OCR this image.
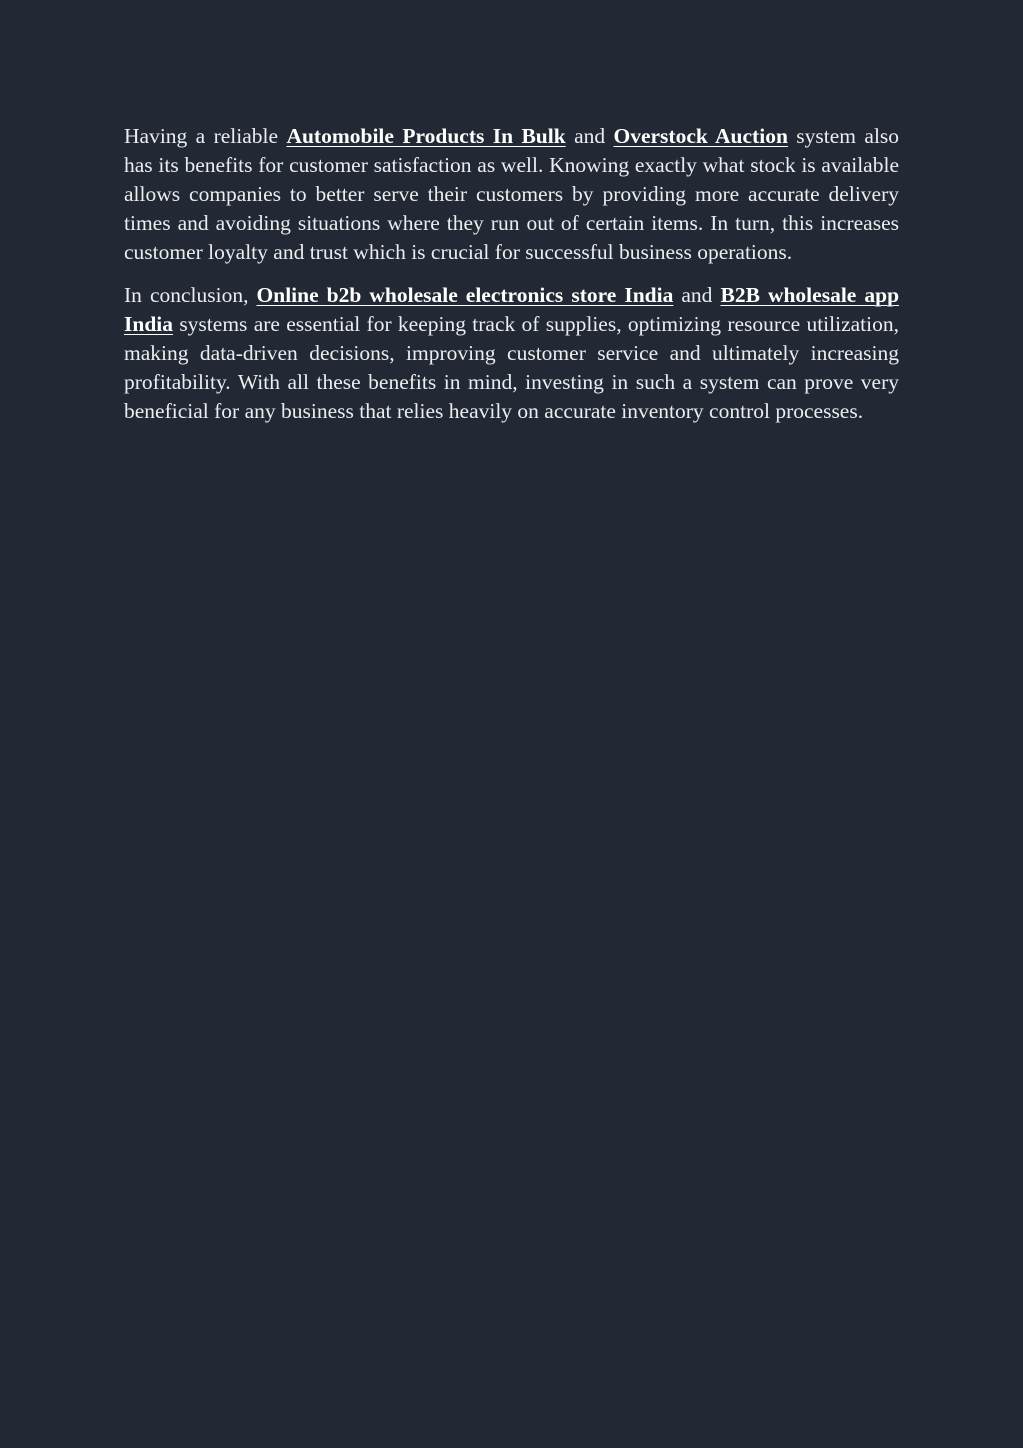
Having a reliable Automobile Products In Bulk and Overstock Auction system also has its benefits for customer satisfaction as well. Knowing exactly what stock is available allows companies to better serve their customers by providing more accurate delivery times and avoiding situations where they run out of certain items. In turn, this increases customer loyalty and trust which is crucial for successful business operations.

In conclusion, Online b2b wholesale electronics store India and B2B wholesale app India systems are essential for keeping track of supplies, optimizing resource utilization, making data-driven decisions, improving customer service and ultimately increasing profitability. With all these benefits in mind, investing in such a system can prove very beneficial for any business that relies heavily on accurate inventory control processes.
